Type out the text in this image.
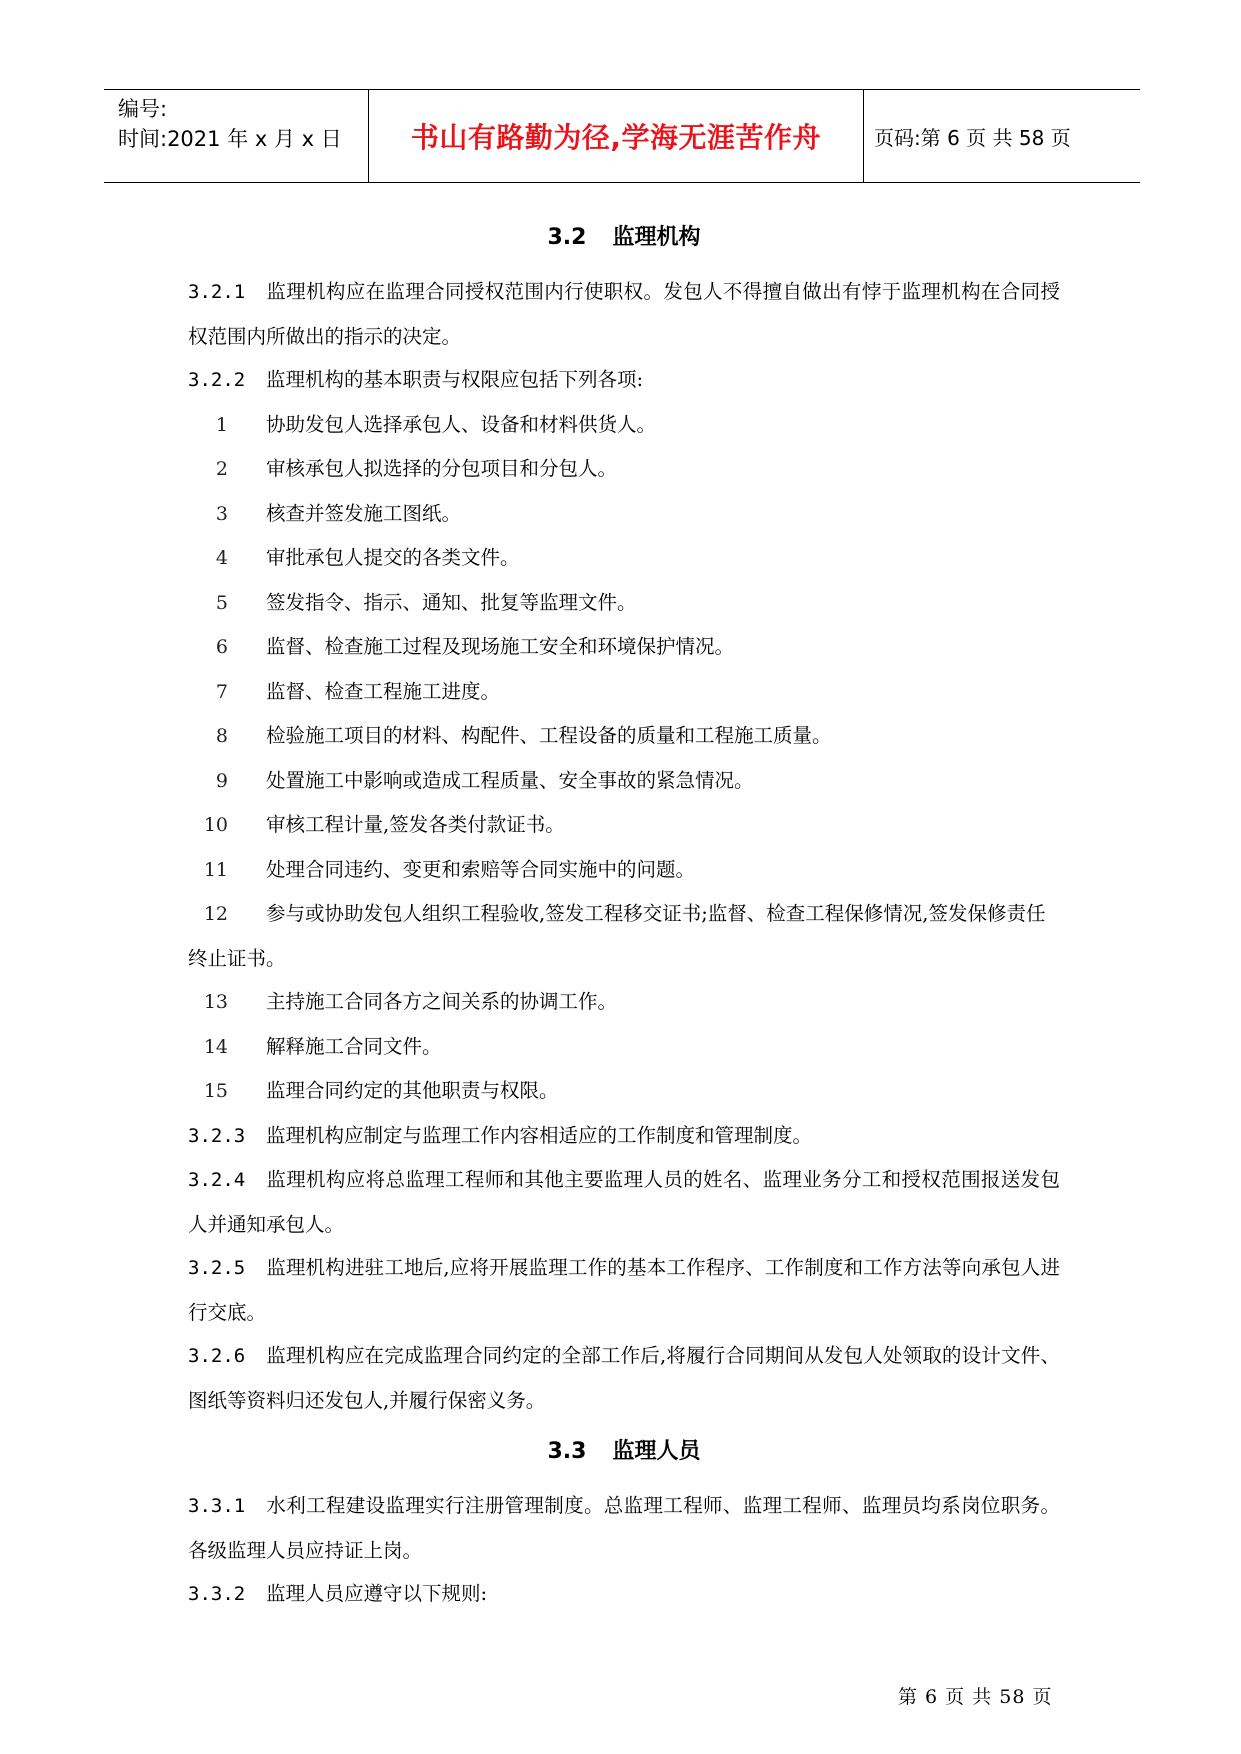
编号:
时间:2021 年 x 月 x 日	书山有路勤为径,学海无涯苦作舟	页码:第 6 页 共 58 页
3.2 监理机构

3.2.1 监理机构应在监理合同授权范围内行使职权。发包人不得擅自做出有悖于监理机构在合同授权范围内所做出的指示的决定。

3.2.2 监理机构的基本职责与权限应包括下列各项:

1 协助发包人选择承包人、设备和材料供货人。

2 审核承包人拟选择的分包项目和分包人。

3 核查并签发施工图纸。

4 审批承包人提交的各类文件。

5 签发指令、指示、通知、批复等监理文件。

6 监督、检查施工过程及现场施工安全和环境保护情况。

7 监督、检查工程施工进度。

8 检验施工项目的材料、构配件、工程设备的质量和工程施工质量。

9 处置施工中影响或造成工程质量、安全事故的紧急情况。

10 审核工程计量,签发各类付款证书。

11 处理合同违约、变更和索赔等合同实施中的问题。

12 参与或协助发包人组织工程验收,签发工程移交证书;监督、检查工程保修情况,签发保修责任终止证书。

13 主持施工合同各方之间关系的协调工作。

14 解释施工合同文件。

15 监理合同约定的其他职责与权限。

3.2.3 监理机构应制定与监理工作内容相适应的工作制度和管理制度。

3.2.4 监理机构应将总监理工程师和其他主要监理人员的姓名、监理业务分工和授权范围报送发包人并通知承包人。

3.2.5 监理机构进驻工地后,应将开展监理工作的基本工作程序、工作制度和工作方法等向承包人进行交底。

3.2.6 监理机构应在完成监理合同约定的全部工作后,将履行合同期间从发包人处领取的设计文件、图纸等资料归还发包人,并履行保密义务。

3.3 监理人员

3.3.1 水利工程建设监理实行注册管理制度。总监理工程师、监理工程师、监理员均系岗位职务。各级监理人员应持证上岗。

3.3.2 监理人员应遵守以下规则:

第 6 页 共 58 页
